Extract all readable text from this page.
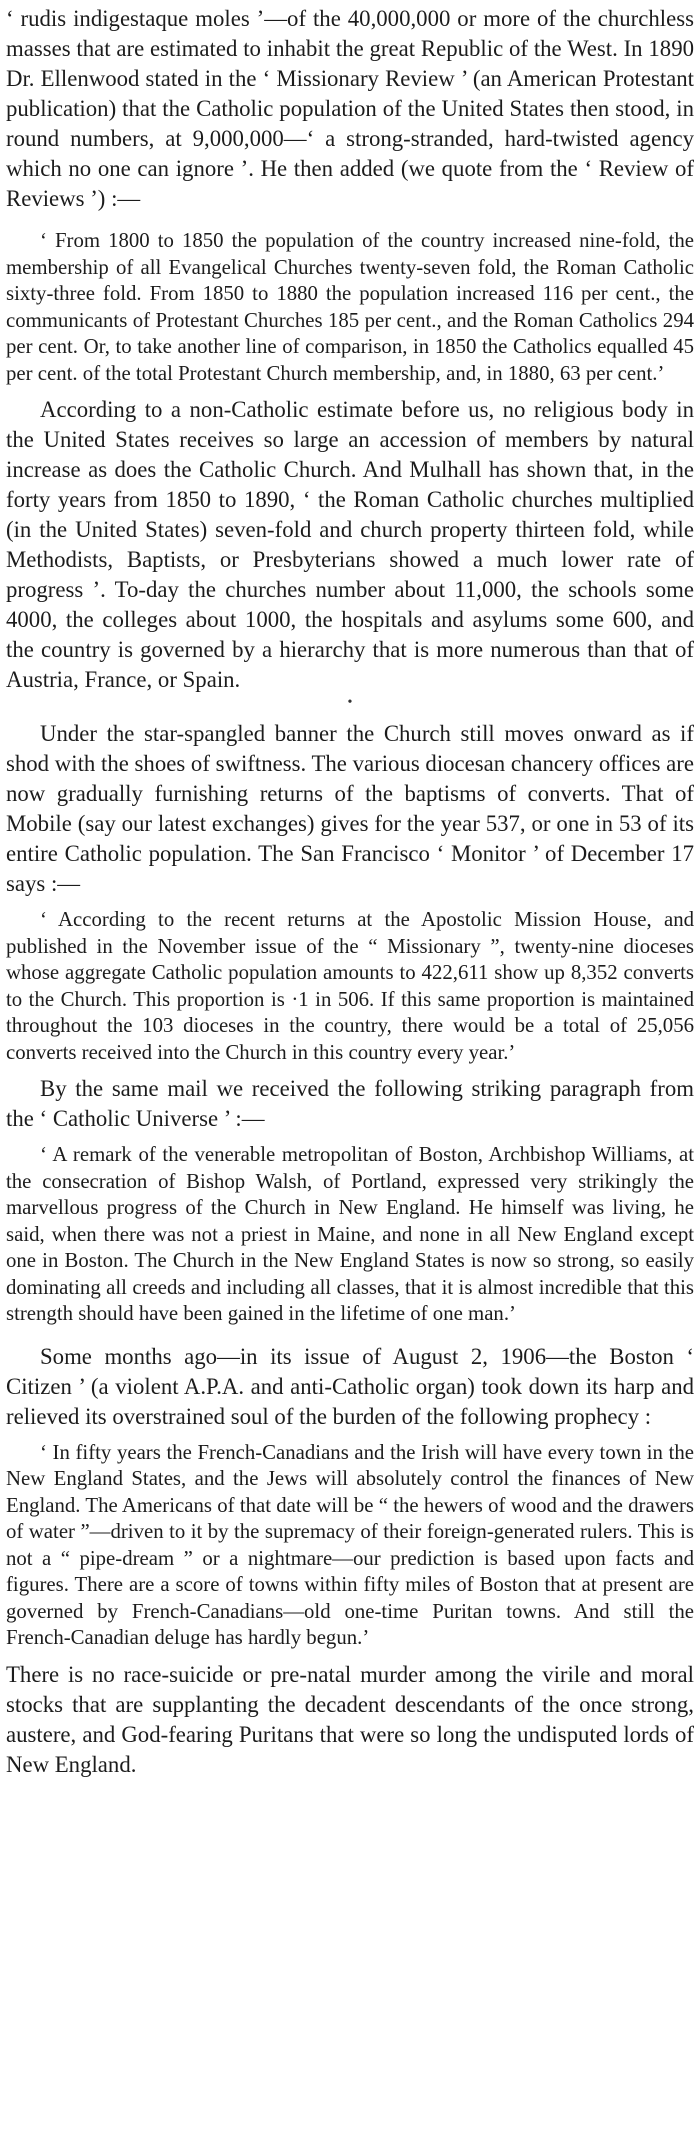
‘ rudis indigestaque moles ’—of the 40,000,000 or more of the churchless masses that are estimated to inhabit the great Republic of the West. In 1890 Dr. Ellenwood stated in the ‘ Missionary Review ’ (an American Protestant publication) that the Catholic population of the United States then stood, in round numbers, at 9,000,000—‘ a strong-stranded, hard-twisted agency which no one can ignore ’. He then added (we quote from the ‘ Review of Reviews ’) :—

‘ From 1800 to 1850 the population of the country increased nine-fold, the membership of all Evangelical Churches twenty-seven fold, the Roman Catholic sixty-three fold. From 1850 to 1880 the population increased 116 per cent., the communicants of Protestant Churches 185 per cent., and the Roman Catholics 294 per cent. Or, to take another line of comparison, in 1850 the Catholics equalled 45 per cent. of the total Protestant Church membership, and, in 1880, 63 per cent.’

According to a non-Catholic estimate before us, no religious body in the United States receives so large an accession of members by natural increase as does the Catholic Church. And Mulhall has shown that, in the forty years from 1850 to 1890, ‘ the Roman Catholic churches multiplied (in the United States) seven-fold and church property thirteen fold, while Methodists, Baptists, or Presbyterians showed a much lower rate of progress ’. To-day the churches number about 11,000, the schools some 4000, the colleges about 1000, the hospitals and asylums some 600, and the country is governed by a hierarchy that is more numerous than that of Austria, France, or Spain.

•

Under the star-spangled banner the Church still moves onward as if shod with the shoes of swiftness. The various diocesan chancery offices are now gradually furnishing returns of the baptisms of converts. That of Mobile (say our latest exchanges) gives for the year 537, or one in 53 of its entire Catholic population. The San Francisco ‘ Monitor ’ of December 17 says :—

‘ According to the recent returns at the Apostolic Mission House, and published in the November issue of the “ Missionary ”, twenty-nine dioceses whose aggregate Catholic population amounts to 422,611 show up 8,352 converts to the Church. This proportion is ·1 in 506. If this same proportion is maintained throughout the 103 dioceses in the country, there would be a total of 25,056 converts received into the Church in this country every year.’

By the same mail we received the following striking paragraph from the ‘ Catholic Universe ’ :—

‘ A remark of the venerable metropolitan of Boston, Archbishop Williams, at the consecration of Bishop Walsh, of Portland, expressed very strikingly the marvellous progress of the Church in New England. He himself was living, he said, when there was not a priest in Maine, and none in all New England except one in Boston. The Church in the New England States is now so strong, so easily dominating all creeds and including all classes, that it is almost incredible that this strength should have been gained in the lifetime of one man.’

Some months ago—in its issue of August 2, 1906—the Boston ‘ Citizen ’ (a violent A.P.A. and anti-Catholic organ) took down its harp and relieved its overstrained soul of the burden of the following prophecy :

‘ In fifty years the French-Canadians and the Irish will have every town in the New England States, and the Jews will absolutely control the finances of New England. The Americans of that date will be “ the hewers of wood and the drawers of water ”—driven to it by the supremacy of their foreign-generated rulers. This is not a “ pipe-dream ” or a nightmare—our prediction is based upon facts and figures. There are a score of towns within fifty miles of Boston that at present are governed by French-Canadians—old one-time Puritan towns. And still the French-Canadian deluge has hardly begun.’

There is no race-suicide or pre-natal murder among the virile and moral stocks that are supplanting the decadent descendants of the once strong, austere, and God-fearing Puritans that were so long the undisputed lords of New England.
